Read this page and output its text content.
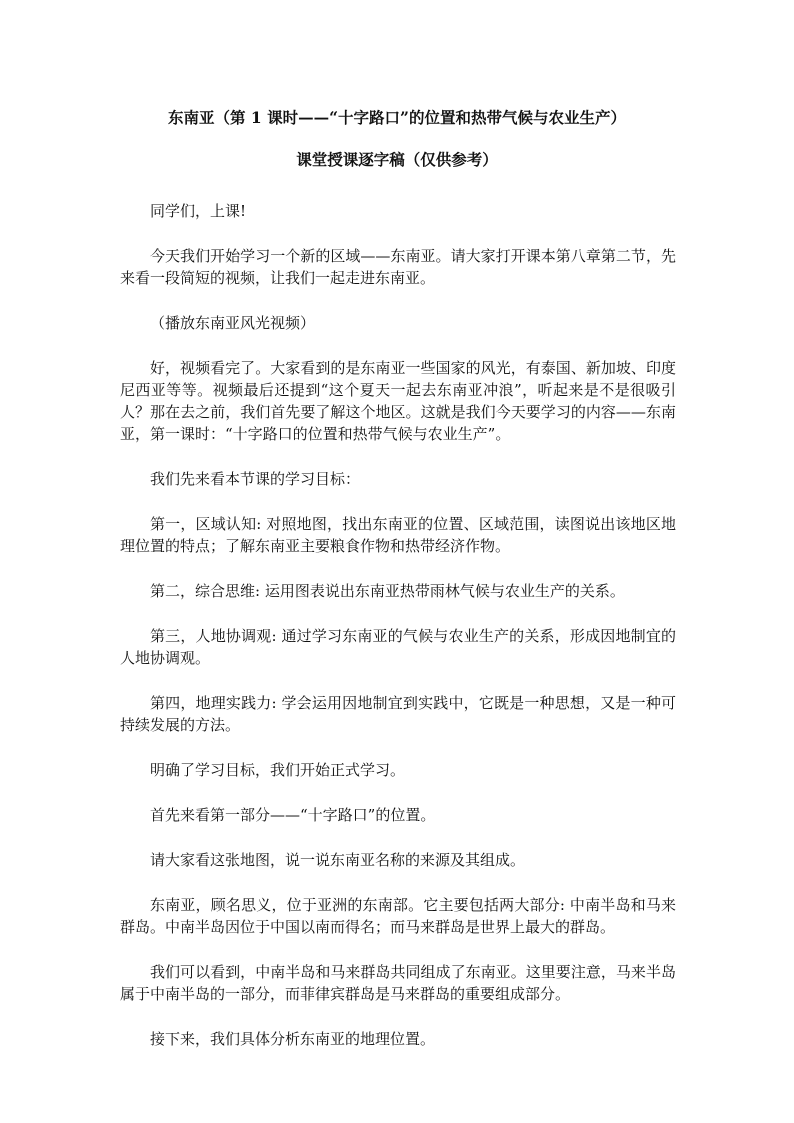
东南亚（第 1 课时——“十字路口”的位置和热带气候与农业生产）
课堂授课逐字稿（仅供参考）

同学们，上课!

今天我们开始学习一个新的区域——东南亚。请大家打开课本第八章第二节，先来看一段简短的视频，让我们一起走进东南亚。

（播放东南亚风光视频）

好，视频看完了。大家看到的是东南亚一些国家的风光，有泰国、新加坡、印度尼西亚等等。视频最后还提到“这个夏天一起去东南亚冲浪”，听起来是不是很吸引人？那在去之前，我们首先要了解这个地区。这就是我们今天要学习的内容——东南亚，第一课时：“十字路口的位置和热带气候与农业生产”。

我们先来看本节课的学习目标：

第一，区域认知: 对照地图，找出东南亚的位置、区域范围，读图说出该地区地理位置的特点；了解东南亚主要粮食作物和热带经济作物。

第二，综合思维: 运用图表说出东南亚热带雨林气候与农业生产的关系。

第三，人地协调观: 通过学习东南亚的气候与农业生产的关系，形成因地制宜的人地协调观。

第四，地理实践力: 学会运用因地制宜到实践中，它既是一种思想，又是一种可持续发展的方法。

明确了学习目标，我们开始正式学习。

首先来看第一部分——“十字路口”的位置。

请大家看这张地图，说一说东南亚名称的来源及其组成。

东南亚，顾名思义，位于亚洲的东南部。它主要包括两大部分: 中南半岛和马来群岛。中南半岛因位于中国以南而得名；而马来群岛是世界上最大的群岛。

我们可以看到，中南半岛和马来群岛共同组成了东南亚。这里要注意，马来半岛属于中南半岛的一部分，而菲律宾群岛是马来群岛的重要组成部分。

接下来，我们具体分析东南亚的地理位置。
